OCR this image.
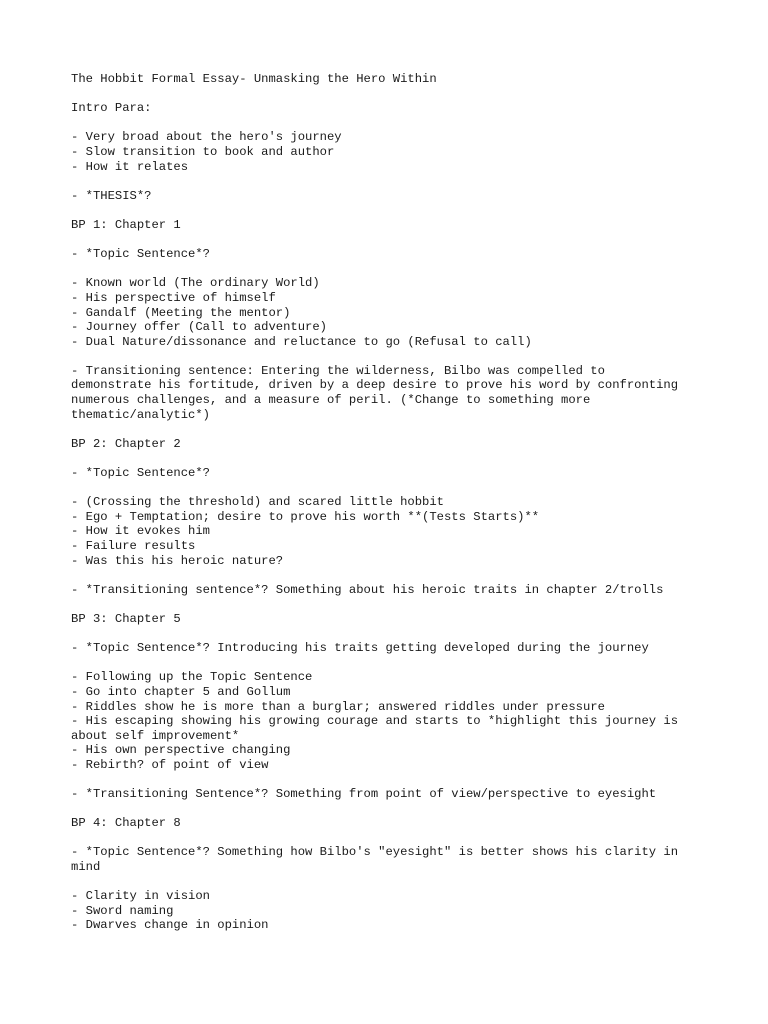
The Hobbit Formal Essay- Unmasking the Hero Within

Intro Para:

- Very broad about the hero's journey
- Slow transition to book and author
- How it relates

- *THESIS*?

BP 1: Chapter 1

- *Topic Sentence*?

- Known world (The ordinary World)
- His perspective of himself
- Gandalf (Meeting the mentor)
- Journey offer (Call to adventure)
- Dual Nature/dissonance and reluctance to go (Refusal to call)

- Transitioning sentence: Entering the wilderness, Bilbo was compelled to
demonstrate his fortitude, driven by a deep desire to prove his word by confronting
numerous challenges, and a measure of peril. (*Change to something more
thematic/analytic*)

BP 2: Chapter 2

- *Topic Sentence*?

- (Crossing the threshold) and scared little hobbit
- Ego + Temptation; desire to prove his worth **(Tests Starts)**
- How it evokes him
- Failure results
- Was this his heroic nature?

- *Transitioning sentence*? Something about his heroic traits in chapter 2/trolls

BP 3: Chapter 5

- *Topic Sentence*? Introducing his traits getting developed during the journey

- Following up the Topic Sentence
- Go into chapter 5 and Gollum
- Riddles show he is more than a burglar; answered riddles under pressure
- His escaping showing his growing courage and starts to *highlight this journey is
about self improvement*
- His own perspective changing
- Rebirth? of point of view

- *Transitioning Sentence*? Something from point of view/perspective to eyesight

BP 4: Chapter 8

- *Topic Sentence*? Something how Bilbo's "eyesight" is better shows his clarity in
mind

- Clarity in vision
- Sword naming
- Dwarves change in opinion
